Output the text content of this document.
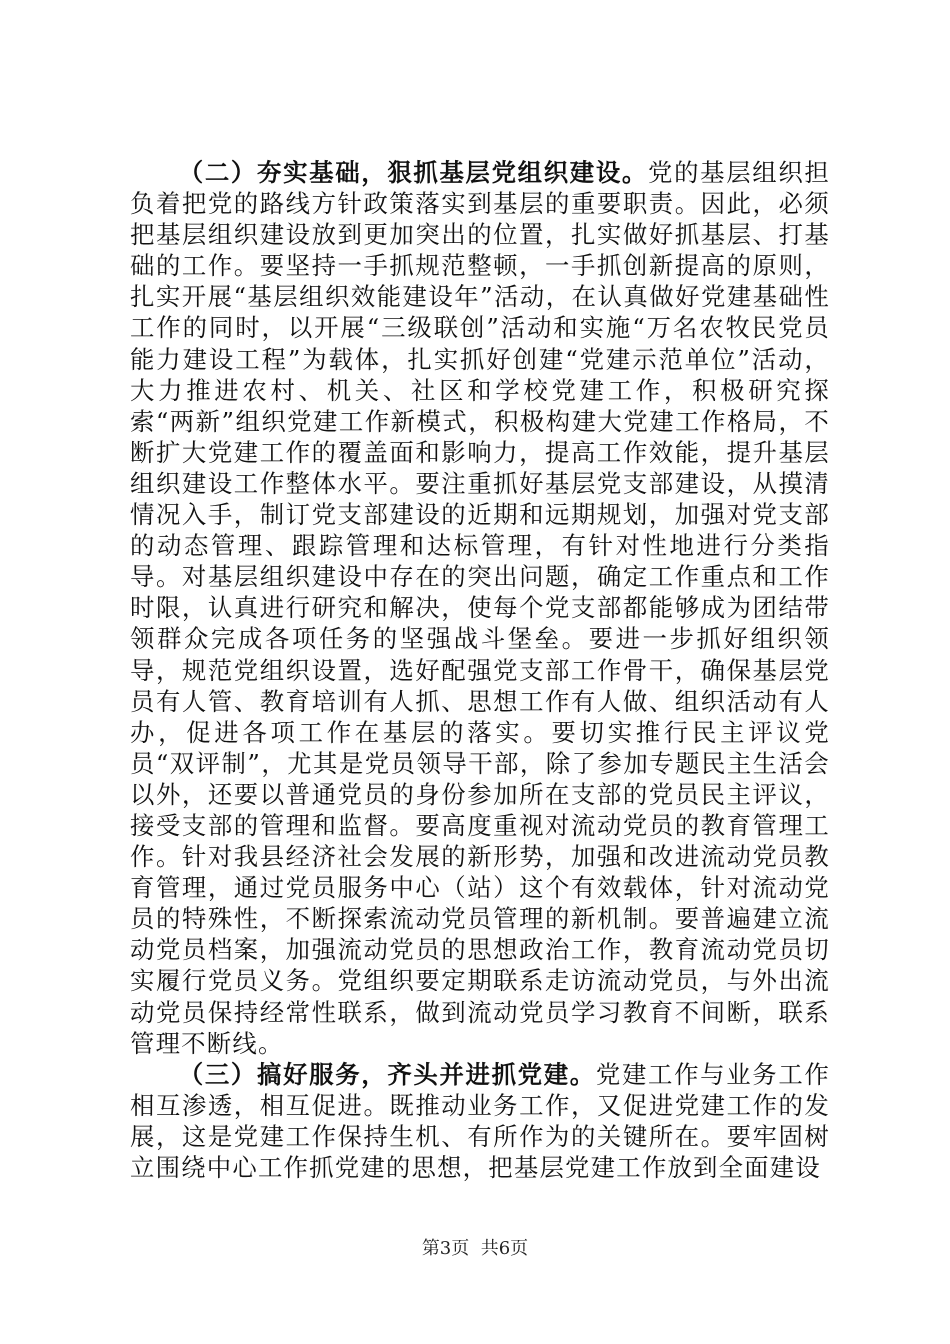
（二）夯实基础，狠抓基层党组织建设。党的基层组织担负着把党的路线方针政策落实到基层的重要职责。因此，必须把基层组织建设放到更加突出的位置，扎实做好抓基层、打基础的工作。要坚持一手抓规范整顿，一手抓创新提高的原则，扎实开展“基层组织效能建设年”活动，在认真做好党建基础性工作的同时，以开展“三级联创”活动和实施“万名农牧民党员能力建设工程”为载体，扎实抓好创建“党建示范单位”活动，大力推进农村、机关、社区和学校党建工作，积极研究探索“两新”组织党建工作新模式，积极构建大党建工作格局，不断扩大党建工作的覆盖面和影响力，提高工作效能，提升基层组织建设工作整体水平。要注重抓好基层党支部建设，从摸清情况入手，制订党支部建设的近期和远期规划，加强对党支部的动态管理、跟踪管理和达标管理，有针对性地进行分类指导。对基层组织建设中存在的突出问题，确定工作重点和工作时限，认真进行研究和解决，使每个党支部都能够成为团结带领群众完成各项任务的坚强战斗堡垒。要进一步抓好组织领导，规范党组织设置，选好配强党支部工作骨干，确保基层党员有人管、教育培训有人抓、思想工作有人做、组织活动有人办，促进各项工作在基层的落实。要切实推行民主评议党员“双评制”，尤其是党员领导干部，除了参加专题民主生活会以外，还要以普通党员的身份参加所在支部的党员民主评议，接受支部的管理和监督。要高度重视对流动党员的教育管理工作。针对我县经济社会发展的新形势，加强和改进流动党员教育管理，通过党员服务中心（站）这个有效载体，针对流动党员的特殊性，不断探索流动党员管理的新机制。要普遍建立流动党员档案，加强流动党员的思想政治工作，教育流动党员切实履行党员义务。党组织要定期联系走访流动党员，与外出流动党员保持经常性联系，做到流动党员学习教育不间断，联系管理不断线。

（三）搞好服务，齐头并进抓党建。党建工作与业务工作相互渗透，相互促进。既推动业务工作，又促进党建工作的发展，这是党建工作保持生机、有所作为的关键所在。要牢固树立围绕中心工作抓党建的思想，把基层党建工作放到全面建设

第3页  共6页
